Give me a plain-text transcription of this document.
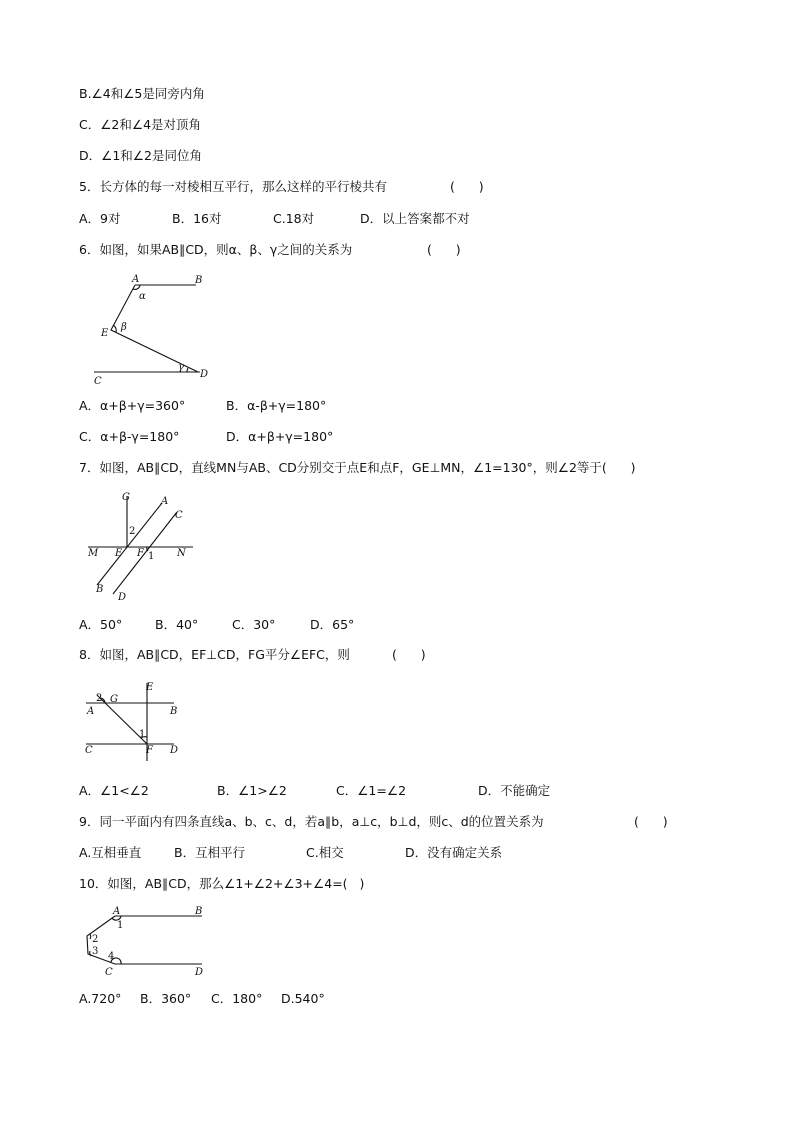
B.∠4和∠5是同旁内角
C．∠2和∠4是对顶角
D．∠1和∠2是同位角
5．长方体的每一对棱相互平行，那么这样的平行棱共有	(      )
A．9对	B．16对	C.18对	D．以上答案都不对
6．如图，如果AB∥CD，则α、β、γ之间的关系为	(      )
A	B
α
β
E
γ
D
C
A．α+β+γ=360°	B．α-β+γ=180°
C．α+β-γ=180°	D．α+β+γ=180°
7．如图，AB∥CD，直线MN与AB、CD分别交于点E和点F，GE⊥MN，∠1=130°，则∠2等于(      )
G	A
C
2
M E F 1 N
B
D
A．50°	B．40°	C．30°	D．65°
8．如图，AB∥CD，EF⊥CD，FG平分∠EFC，则	(      )
E
2 G
A	B
1
C	F D
A．∠1<∠2	B．∠1>∠2	C．∠1=∠2	D．不能确定
9．同一平面内有四条直线a、b、c、d，若a∥b，a⊥c，b⊥d，则c、d的位置关系为	(      )
A.互相垂直	B．互相平行	C.相交	D．没有确定关系
10．如图，AB∥CD，那么∠1+∠2+∠3+∠4=(   )
A	B
1
2
3 4
C	D
A.720° B．360° C．180° D.540°
